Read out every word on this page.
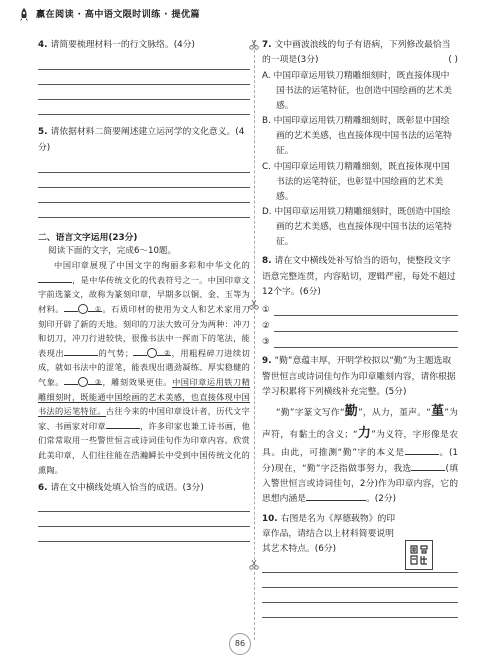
赢在阅读 · 高中语文限时训练 · 提优篇
4. 请简要梳理材料一的行文脉络。(4分)
5. 请依据材料二简要阐述建立运河学的文化意义。(4分)
二、语言文字运用(23分)
阅读下面的文字，完成6～10题。
中国印章展现了中国文字的绚丽多彩和中华文化的，是中华传统文化的代表符号之一。中国印章文字前选篆文，故称为篆刻印章，早期多以铜、金、玉等为材料。	①。石质印材的使用为文人和艺术家用刀刻印开辟了新的天地。刻印的刀法大致可分为两种：冲刀和切刀，冲刀行进较快，很像书法中一挥而下的笔法，能表现出	的气势；	②，用粗程碎刀进续切成，就如书法中的涩笔，能表现出遇劲凝练、厚实稳健的气象。	③，雕刻效果更佳。中国印章运用铁刀精雕细刻时，既能通中国绘画的艺术美感，也直接体现中国书法的运笔特征。古往今来的中国印章设计者，历代文字家、书画家对印章	，许多印家也兼工诗书画，他们常常取用一些警世恒言或诗词佳句作为印章内容。欣赏此美印章，人们往往能在浩瀚瞬长中受到中国传统文化的熏陶。
6. 请在文中横线处填入恰当的成语。(3分)
7. 文中画波浪线的句子有语病，下列修改最恰当的一项是(3分)	( )
A. 中国印章运用铁刀精雕细刻时，既直接体现中国书法的运笔特征，也创造中国绘画的艺术美感。
B. 中国印章运用铁刀精雕细刻时，既彰显中国绘画的艺术美感，也直接体现中国书法的运笔特征。
C. 中国印章运用铁刀精雕细刻，既直接体现中国书法的运笔特征，也彰显中国绘画的艺术美感。
D. 中国印章运用铁刀精雕细刻时，既创造中国绘画的艺术美感，也直接体现中国书法的运笔特征。
8. 请在文中横线处补写恰当的语句，使整段文字语意完整连贯，内容贴切，逻辑严密，每处不超过12个字。(6分)
①
②
③
9. “勤”意蕴丰厚，开明学校拟以“勤”为主题选取警世恒言或诗词佳句作为印章雕刻内容，请你根据学习积累将下列横线补充完整。(5分)
“勤”字篆文写作“勤”，从力，堇声。“堇”为声符，有黏土的含义；“力”为义符，字形像是农具。由此，可推测“勤”字的本义是	。(1分)现在，“勤”字泛指做事努力，我选	(填入警世恒言或诗词佳句，2分)作为印章内容，它的思想内涵是	。(2分)
10. 右图是名为《厚德载物》的印章作品，请结合以上材料简要说明其艺术特点。(6分)
86
